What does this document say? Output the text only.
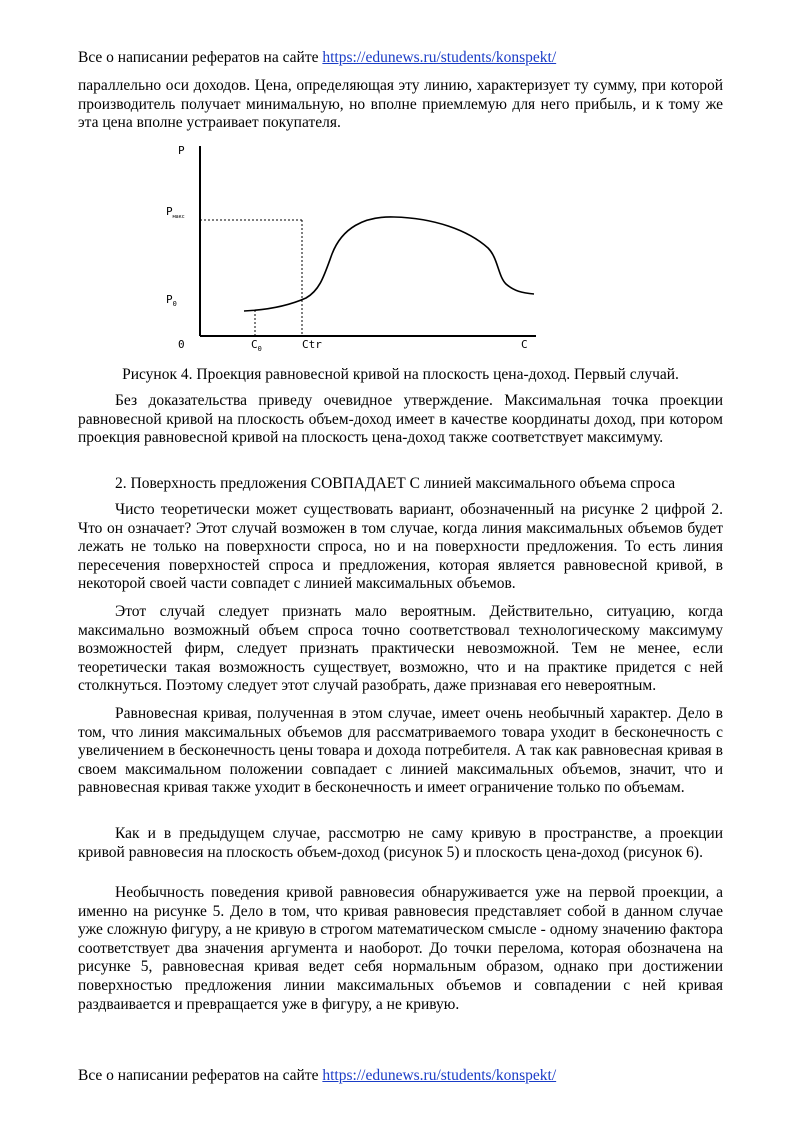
Все о написании рефератов на сайте https://edunews.ru/students/konspekt/

параллельно оси доходов. Цена, определяющая эту линию, характеризует ту сумму, при которой производитель получает минимальную, но вполне приемлемую для него прибыль, и к тому же эта цена вполне устраивает покупателя.

P
$P_{макс}$
$P_0$
0	$C_0$	Ctr	C

Рисунок 4. Проекция равновесной кривой на плоскость цена-доход. Первый случай.

Без доказательства приведу очевидное утверждение. Максимальная точка проекции равновесной кривой на плоскость объем-доход имеет в качестве координаты доход, при котором проекция равновесной кривой на плоскость цена-доход также соответствует максимуму.

2. Поверхность предложения СОВПАДАЕТ С линией максимального объема спроса

Чисто теоретически может существовать вариант, обозначенный на рисунке 2 цифрой 2. Что он означает? Этот случай возможен в том случае, когда линия максимальных объемов будет лежать не только на поверхности спроса, но и на поверхности предложения. То есть линия пересечения поверхностей спроса и предложения, которая является равновесной кривой, в некоторой своей части совпадет с линией максимальных объемов.

Этот случай следует признать мало вероятным. Действительно, ситуацию, когда максимально возможный объем спроса точно соответствовал технологическому максимуму возможностей фирм, следует признать практически невозможной. Тем не менее, если теоретически такая возможность существует, возможно, что и на практике придется с ней столкнуться. Поэтому следует этот случай разобрать, даже признавая его невероятным.

Равновесная кривая, полученная в этом случае, имеет очень необычный характер. Дело в том, что линия максимальных объемов для рассматриваемого товара уходит в бесконечность с увеличением в бесконечность цены товара и дохода потребителя. А так как равновесная кривая в своем максимальном положении совпадает с линией максимальных объемов, значит, что и равновесная кривая также уходит в бесконечность и имеет ограничение только по объемам.

Как и в предыдущем случае, рассмотрю не саму кривую в пространстве, а проекции кривой равновесия на плоскость объем-доход (рисунок 5) и плоскость цена-доход (рисунок 6).

Необычность поведения кривой равновесия обнаруживается уже на первой проекции, а именно на рисунке 5. Дело в том, что кривая равновесия представляет собой в данном случае уже сложную фигуру, а не кривую в строгом математическом смысле - одному значению фактора соответствует два значения аргумента и наоборот. До точки перелома, которая обозначена на рисунке 5, равновесная кривая ведет себя нормальным образом, однако при достижении поверхностью предложения линии максимальных объемов и совпадении с ней кривая раздваивается и превращается уже в фигуру, а не кривую.

Все о написании рефератов на сайте https://edunews.ru/students/konspekt/
